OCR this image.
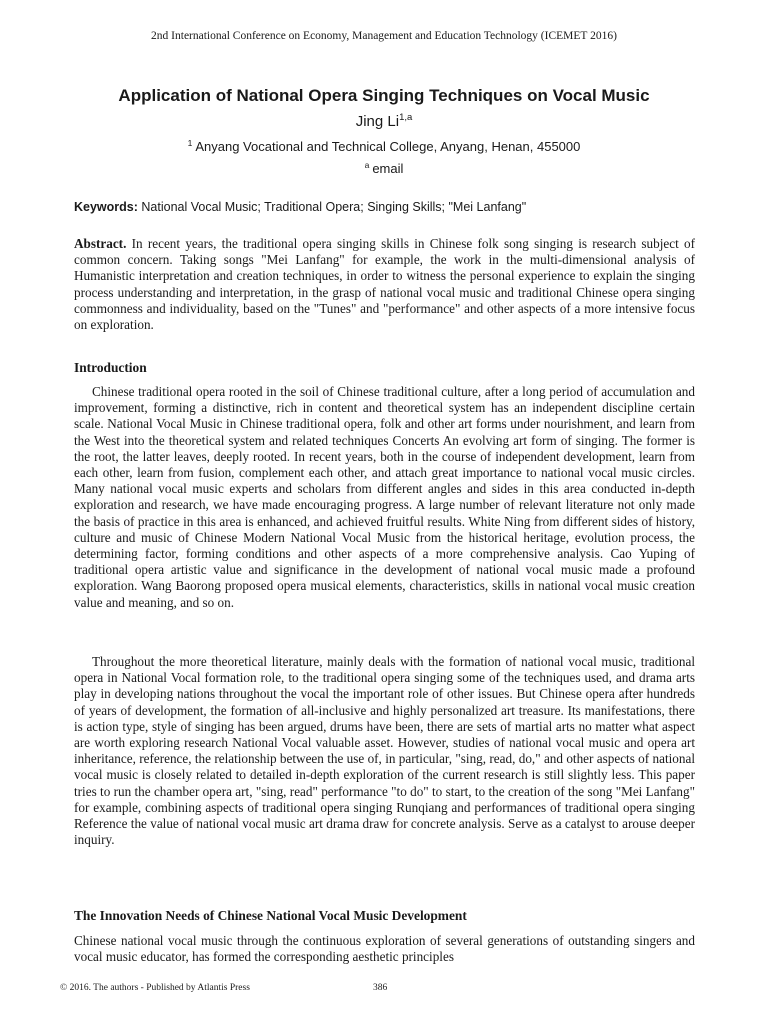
2nd International Conference on Economy, Management and Education Technology (ICEMET 2016)
Application of National Opera Singing Techniques on Vocal Music
Jing Li$^{1,a}$
$^1$ Anyang Vocational and Technical College, Anyang, Henan, 455000
$^a$ email
Keywords: National Vocal Music; Traditional Opera; Singing Skills; "Mei Lanfang"
Abstract. In recent years, the traditional opera singing skills in Chinese folk song singing is research subject of common concern. Taking songs "Mei Lanfang" for example, the work in the multi-dimensional analysis of Humanistic interpretation and creation techniques, in order to witness the personal experience to explain the singing process understanding and interpretation, in the grasp of national vocal music and traditional Chinese opera singing commonness and individuality, based on the "Tunes" and "performance" and other aspects of a more intensive focus on exploration.
Introduction
Chinese traditional opera rooted in the soil of Chinese traditional culture, after a long period of accumulation and improvement, forming a distinctive, rich in content and theoretical system has an independent discipline certain scale. National Vocal Music in Chinese traditional opera, folk and other art forms under nourishment, and learn from the West into the theoretical system and related techniques Concerts An evolving art form of singing. The former is the root, the latter leaves, deeply rooted. In recent years, both in the course of independent development, learn from each other, learn from fusion, complement each other, and attach great importance to national vocal music circles. Many national vocal music experts and scholars from different angles and sides in this area conducted in-depth exploration and research, we have made encouraging progress. A large number of relevant literature not only made the basis of practice in this area is enhanced, and achieved fruitful results. White Ning from different sides of history, culture and music of Chinese Modern National Vocal Music from the historical heritage, evolution process, the determining factor, forming conditions and other aspects of a more comprehensive analysis. Cao Yuping of traditional opera artistic value and significance in the development of national vocal music made a profound exploration. Wang Baorong proposed opera musical elements, characteristics, skills in national vocal music creation value and meaning, and so on.
Throughout the more theoretical literature, mainly deals with the formation of national vocal music, traditional opera in National Vocal formation role, to the traditional opera singing some of the techniques used, and drama arts play in developing nations throughout the vocal the important role of other issues. But Chinese opera after hundreds of years of development, the formation of all-inclusive and highly personalized art treasure. Its manifestations, there is action type, style of singing has been argued, drums have been, there are sets of martial arts no matter what aspect are worth exploring research National Vocal valuable asset. However, studies of national vocal music and opera art inheritance, reference, the relationship between the use of, in particular, "sing, read, do," and other aspects of national vocal music is closely related to detailed in-depth exploration of the current research is still slightly less. This paper tries to run the chamber opera art, "sing, read" performance "to do" to start, to the creation of the song "Mei Lanfang" for example, combining aspects of traditional opera singing Runqiang and performances of traditional opera singing Reference the value of national vocal music art drama draw for concrete analysis. Serve as a catalyst to arouse deeper inquiry.
The Innovation Needs of Chinese National Vocal Music Development
Chinese national vocal music through the continuous exploration of several generations of outstanding singers and vocal music educator, has formed the corresponding aesthetic principles
© 2016. The authors - Published by Atlantis Press	386
